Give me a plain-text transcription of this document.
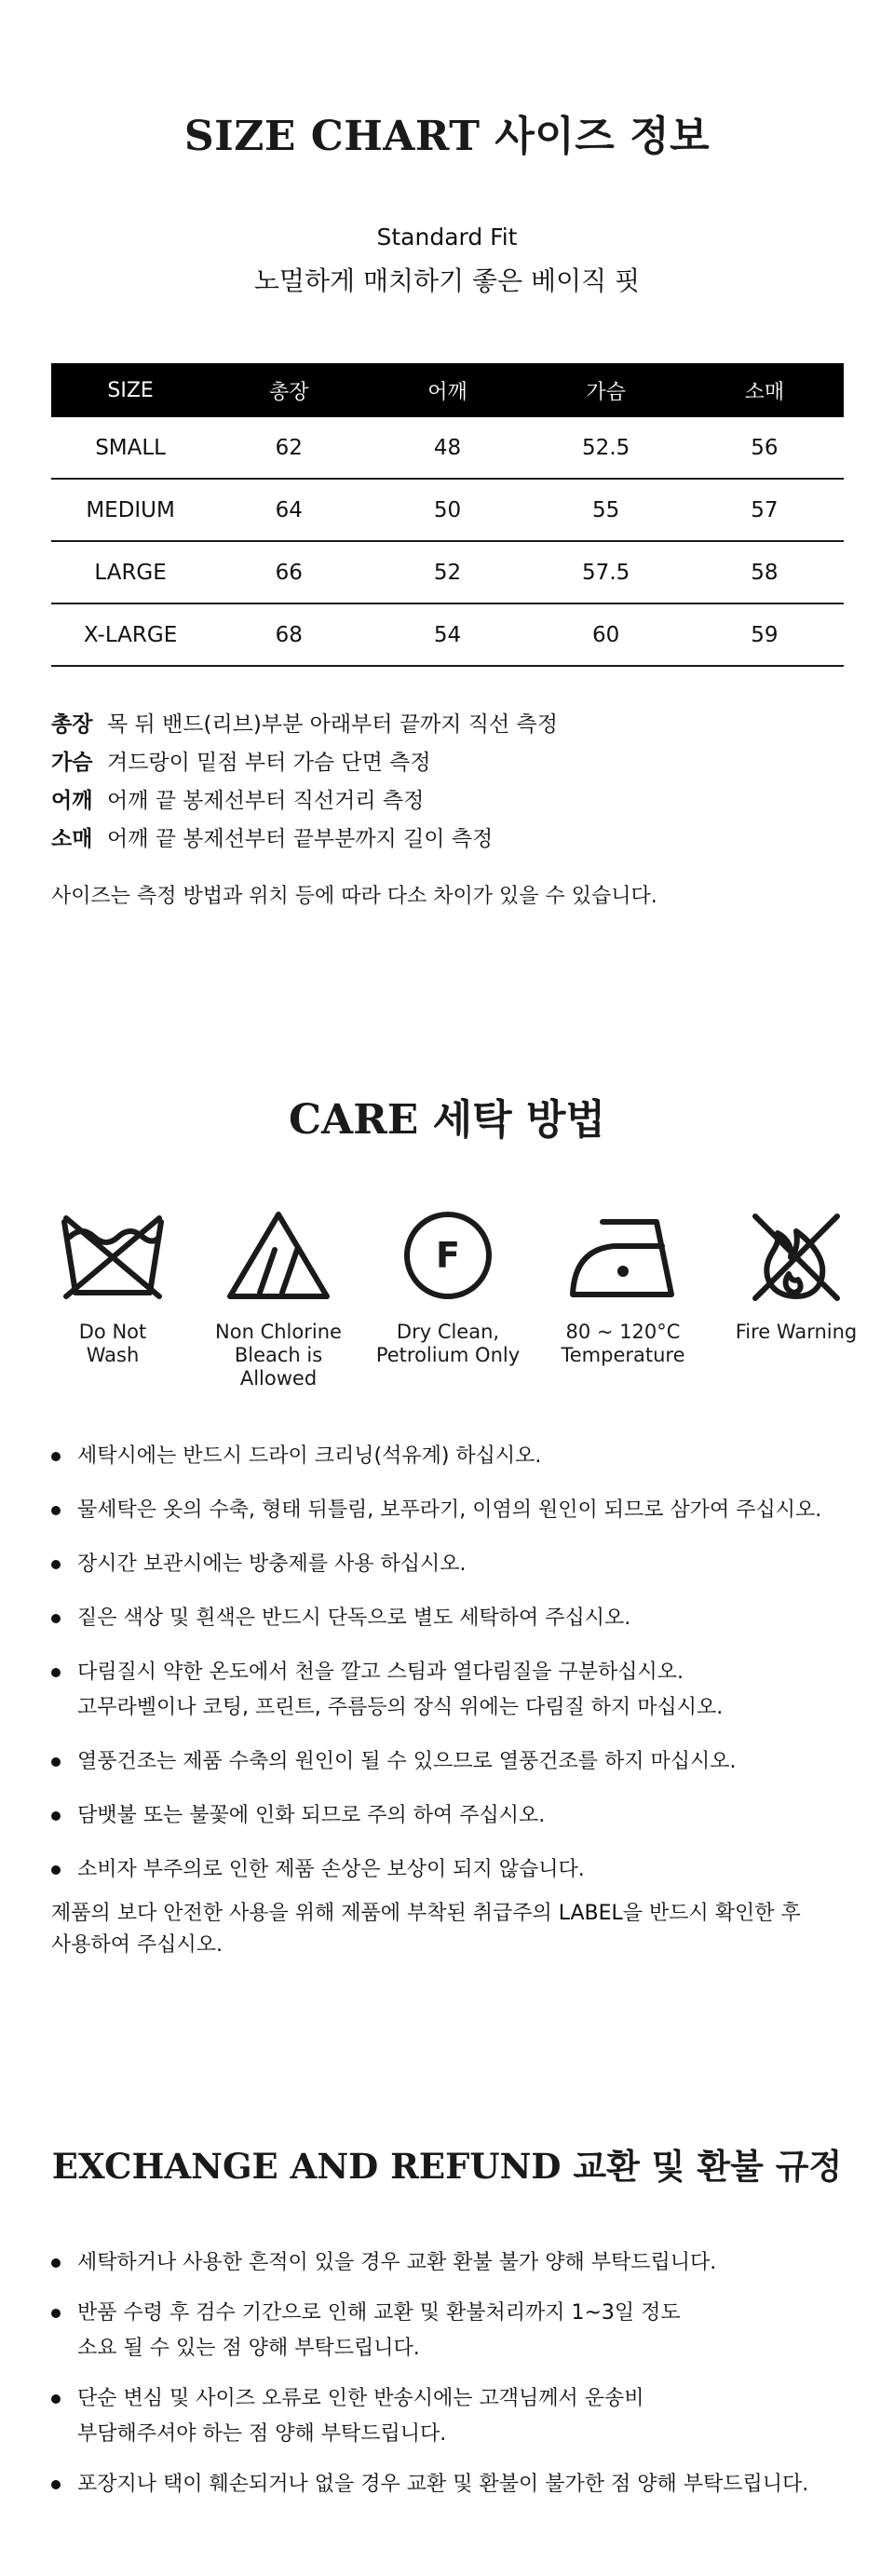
SIZE CHART 사이즈 정보
Standard Fit
노멀하게 매치하기 좋은 베이직 핏
SIZE	총장	어깨	가슴	소매
SMALL	62	48	52.5	56
MEDIUM	64	50	55	57
LARGE	66	52	57.5	58
X-LARGE	68	54	60	59
총장 목 뒤 밴드(리브)부분 아래부터 끝까지 직선 측정
가슴 겨드랑이 밑점 부터 가슴 단면 측정
어깨 어깨 끝 봉제선부터 직선거리 측정
소매 어깨 끝 봉제선부터 끝부분까지 길이 측정
사이즈는 측정 방법과 위치 등에 따라 다소 차이가 있을 수 있습니다.
CARE 세탁 방법
Do Not
Wash
Non Chlorine
Bleach is
Allowed
F
Dry Clean,
Petrolium Only
80 ~ 120°C
Temperature
Fire Warning
세탁시에는 반드시 드라이 크리닝(석유계) 하십시오.
물세탁은 옷의 수축, 형태 뒤틀림, 보푸라기, 이염의 원인이 되므로 삼가여 주십시오.
장시간 보관시에는 방충제를 사용 하십시오.
짙은 색상 및 흰색은 반드시 단독으로 별도 세탁하여 주십시오.
다림질시 약한 온도에서 천을 깔고 스팀과 열다림질을 구분하십시오.
고무라벨이나 코팅, 프린트, 주름등의 장식 위에는 다림질 하지 마십시오.
열풍건조는 제품 수축의 원인이 될 수 있으므로 열풍건조를 하지 마십시오.
담뱃불 또는 불꽃에 인화 되므로 주의 하여 주십시오.
소비자 부주의로 인한 제품 손상은 보상이 되지 않습니다.
제품의 보다 안전한 사용을 위해 제품에 부착된 취급주의 LABEL을 반드시 확인한 후
사용하여 주십시오.
EXCHANGE AND REFUND 교환 및 환불 규정
세탁하거나 사용한 흔적이 있을 경우 교환 환불 불가 양해 부탁드립니다.
반품 수령 후 검수 기간으로 인해 교환 및 환불처리까지 1~3일 정도
소요 될 수 있는 점 양해 부탁드립니다.
단순 변심 및 사이즈 오류로 인한 반송시에는 고객님께서 운송비
부담해주셔야 하는 점 양해 부탁드립니다.
포장지나 택이 훼손되거나 없을 경우 교환 및 환불이 불가한 점 양해 부탁드립니다.
